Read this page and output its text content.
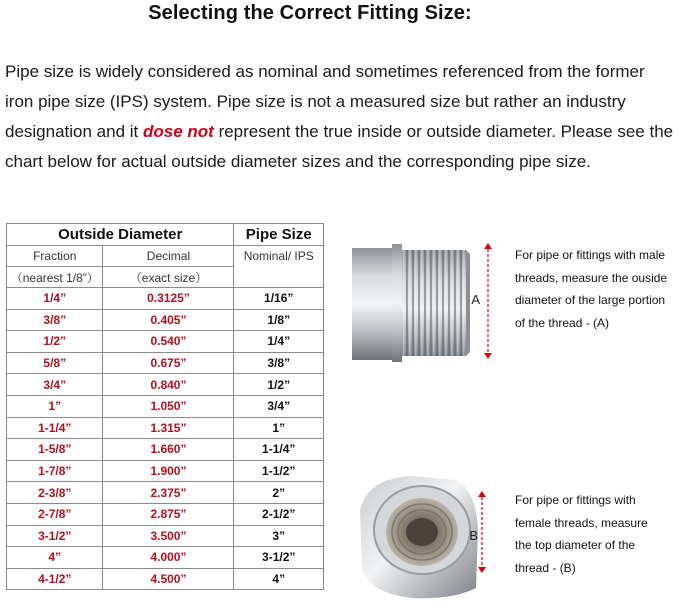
Selecting the Correct Fitting Size:
Pipe size is widely considered as nominal and sometimes referenced from the former iron pipe size (IPS) system. Pipe size is not a measured size but rather an industry designation and it dose not represent the true inside or outside diameter. Please see the chart below for actual outside diameter sizes and the corresponding pipe size.
Outside Diameter		Pipe Size
Fraction	Decimal	Nominal/ IPS
（nearest 1/8”）	（exact size）	
1/4”	0.3125”	1/16”
3/8”	0.405”	1/8”
1/2”	0.540”	1/4”
5/8”	0.675”	3/8”
3/4”	0.840”	1/2”
1”	1.050”	3/4”
1-1/4”	1.315”	1”
1-5/8”	1.660”	1-1/4”
1-7/8”	1.900”	1-1/2”
2-3/8”	2.375”	2”
2-7/8”	2.875”	2-1/2”
3-1/2”	3.500”	3”
4”	4.000”	3-1/2”
4-1/2”	4.500”	4”
A
For pipe or fittings with male
threads, measure the ouside
diameter of the large portion
of the thread - (A)
B
For pipe or fittings with
female threads, measure
the top diameter of the
thread - (B)
